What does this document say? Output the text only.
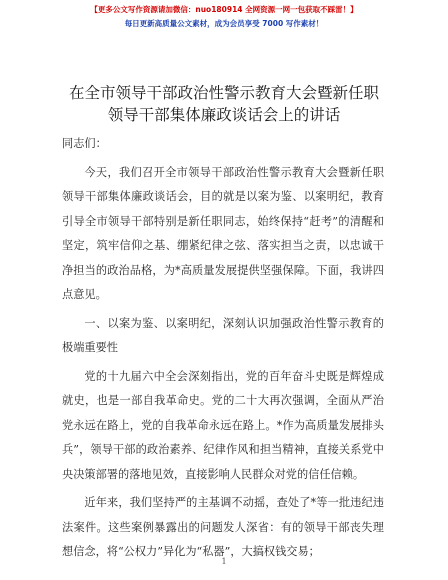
【更多公文写作资源请加微信：nuo180914 全网资源一网一包获取不踩雷！】
每日更新高质量公文素材，成为会员享受 7000 写作素材！
在全市领导干部政治性警示教育大会暨新任职
领导干部集体廉政谈话会上的讲话

同志们：

今天，我们召开全市领导干部政治性警示教育大会暨新任职领导干部集体廉政谈话会，目的就是以案为鉴、以案明纪，教育引导全市领导干部特别是新任职同志，始终保持“赶考”的清醒和坚定，筑牢信仰之基、绷紧纪律之弦、落实担当之责，以忠诚干净担当的政治品格，为*高质量发展提供坚强保障。下面，我讲四点意见。

一、以案为鉴、以案明纪，深刻认识加强政治性警示教育的极端重要性

党的十九届六中全会深刻指出，党的百年奋斗史既是辉煌成就史，也是一部自我革命史。党的二十大再次强调，全面从严治党永远在路上，党的自我革命永远在路上。*作为高质量发展排头兵”，领导干部的政治素养、纪律作风和担当精神，直接关系党中央决策部署的落地见效，直接影响人民群众对党的信任信赖。

近年来，我们坚持严的主基调不动摇，查处了*等一批违纪违法案件。这些案例暴露出的问题发人深省：有的领导干部丧失理想信念，将“公权力”异化为“私器”，大搞权钱交易；

1
